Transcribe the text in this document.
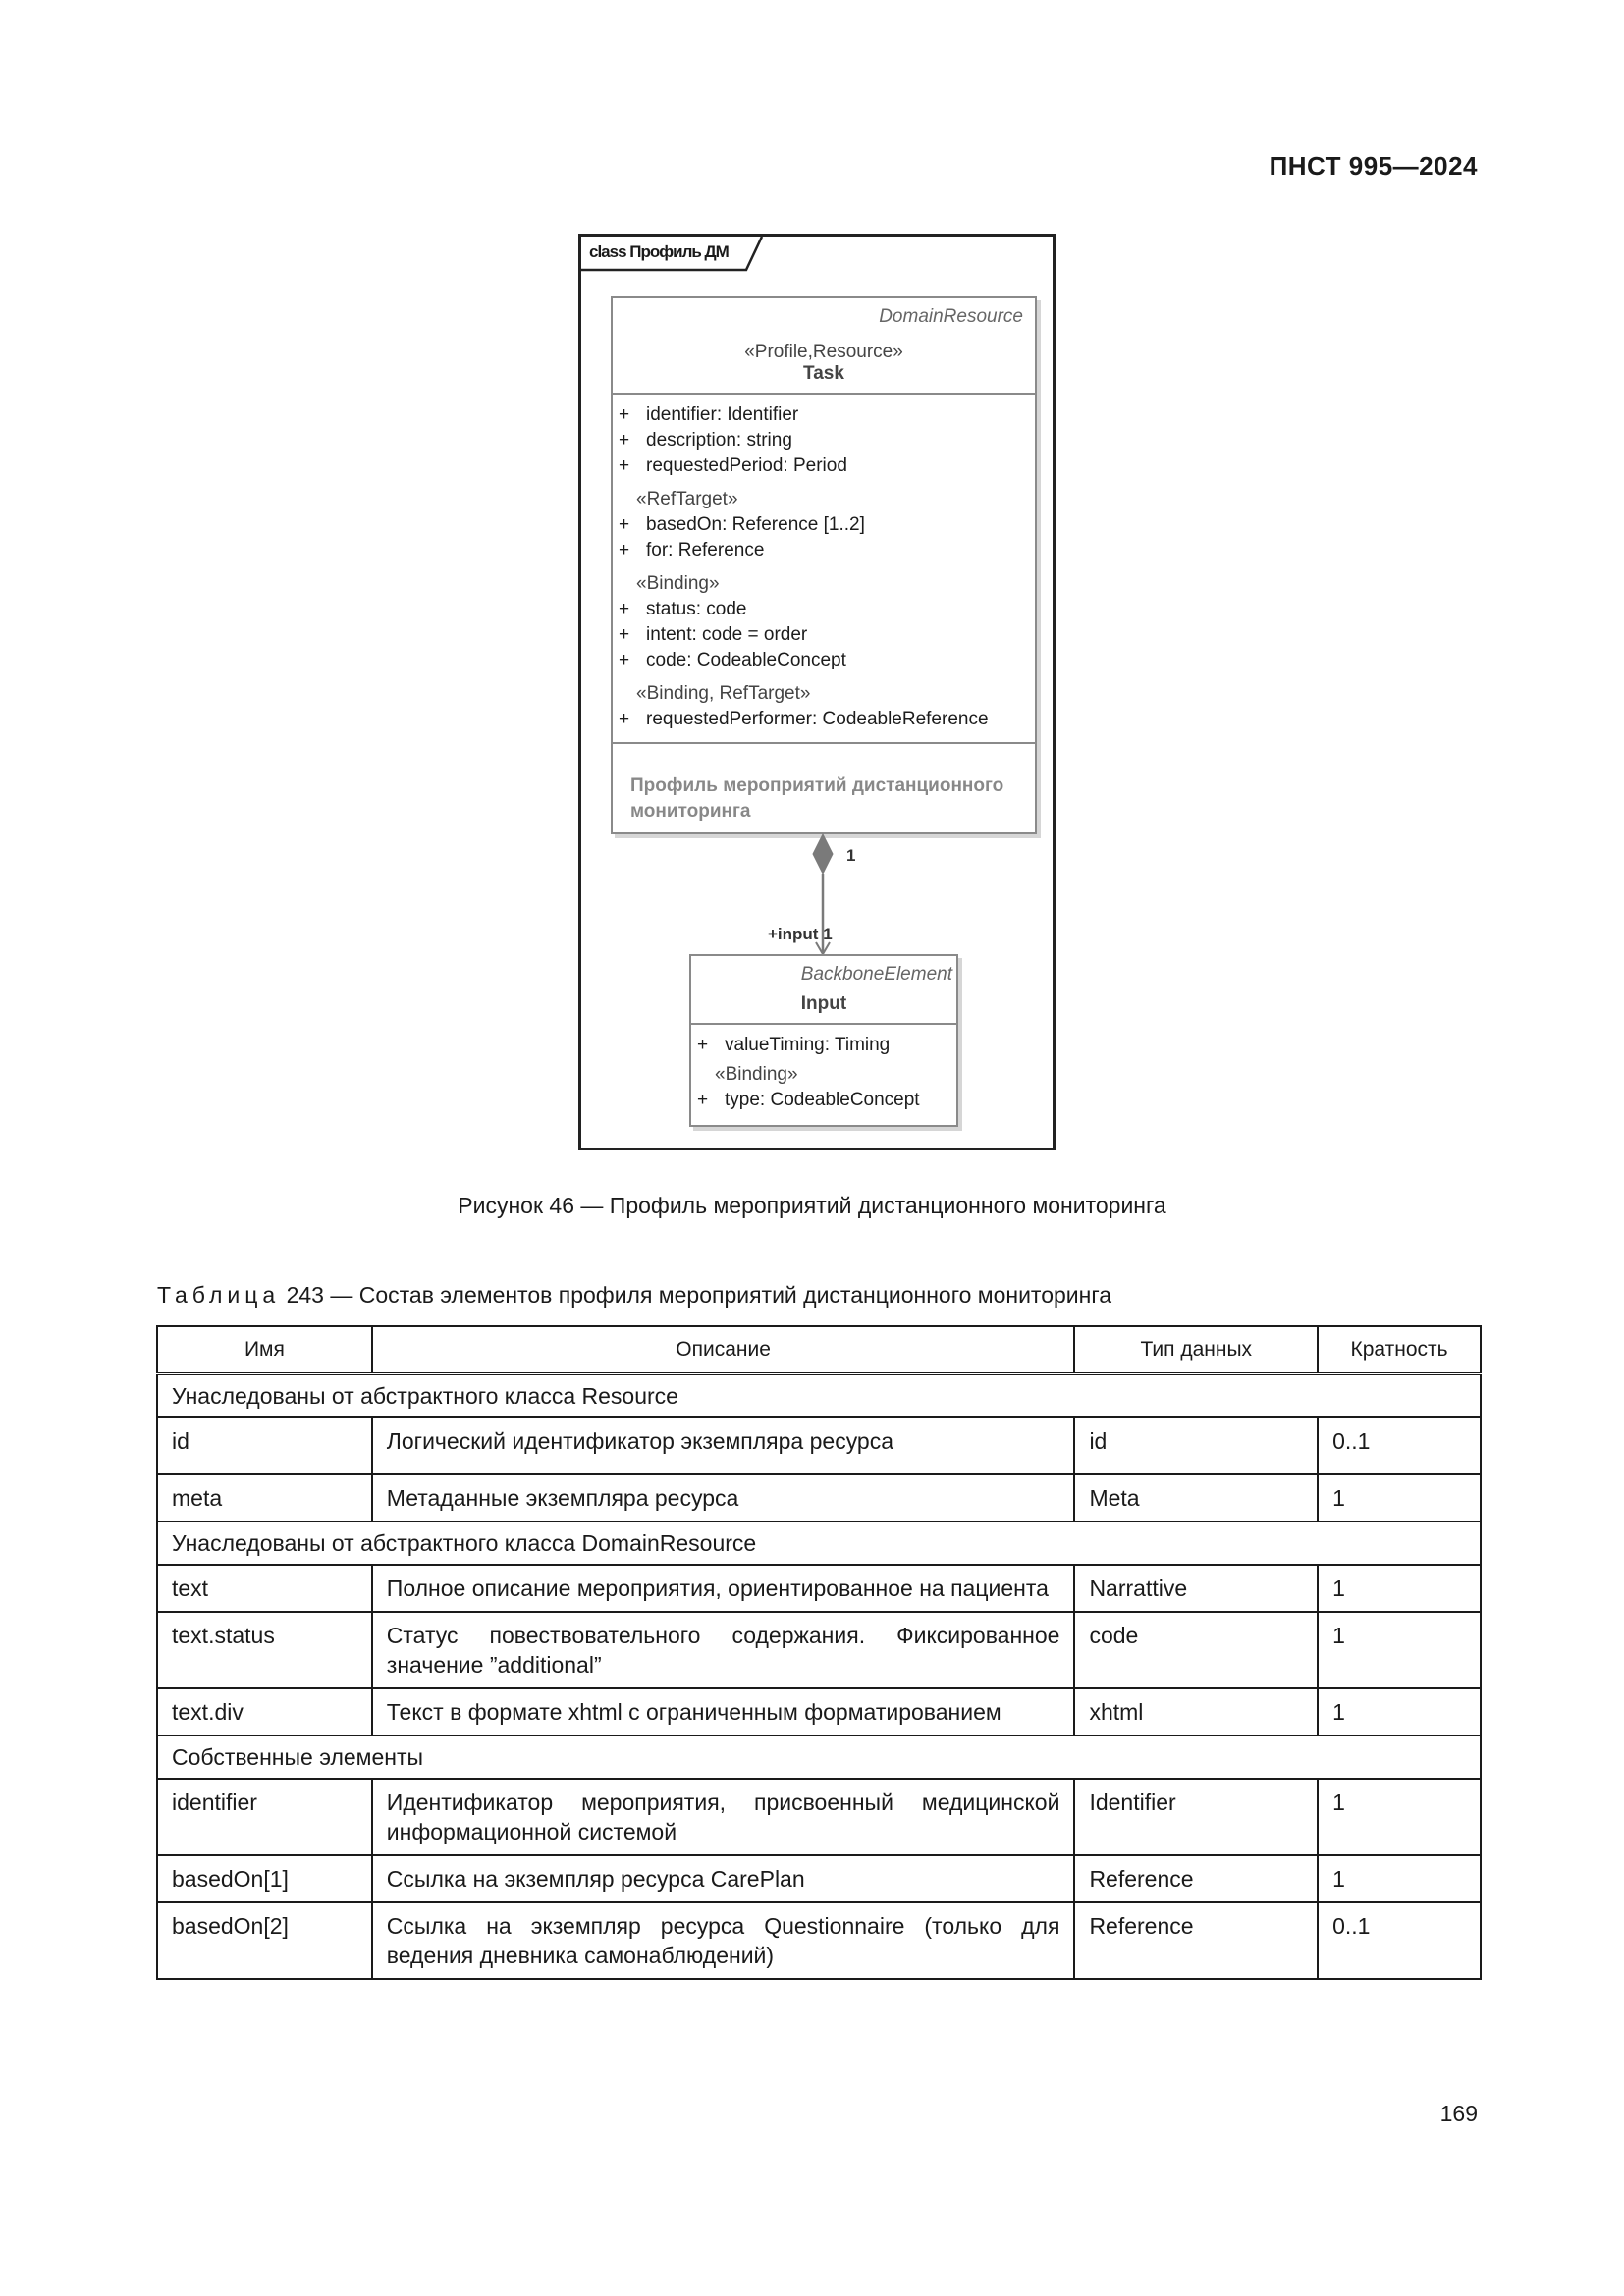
ПНСТ 995—2024
class Профиль ДМ
DomainResource
«Profile,Resource»
Task
+ identifier: Identifier
+ description: string
+ requestedPeriod: Period
«RefTarget»
+ basedOn: Reference [1..2]
+ for: Reference
«Binding»
+ status: code
+ intent: code = order
+ code: CodeableConcept
«Binding, RefTarget»
+ requestedPerformer: CodeableReference
Профиль мероприятий дистанционного мониторинга
1
+input 1
BackboneElement
Input
+ valueTiming: Timing
«Binding»
+ type: CodeableConcept
Рисунок 46 — Профиль мероприятий дистанционного мониторинга
Таблица 243 — Состав элементов профиля мероприятий дистанционного мониторинга
Имя	Описание	Тип данных	Кратность
Унаследованы от абстрактного класса Resource			
id	Логический идентификатор экземпляра ресурса	id	0..1
meta	Метаданные экземпляра ресурса	Meta	1
Унаследованы от абстрактного класса DomainResource			
text	Полное описание мероприятия, ориентированное на пациента	Narrattive	1
text.status	Статус повествовательного содержания. Фиксированное значение ”additional”	code	1
text.div	Текст в формате xhtml с ограниченным форматированием	xhtml	1
Собственные элементы			
identifier	Идентификатор мероприятия, присвоенный медицинской информационной системой	Identifier	1
basedOn[1]	Ссылка на экземпляр ресурса CarePlan	Reference	1
basedOn[2]	Ссылка на экземпляр ресурса Questionnaire (только для ведения дневника самонаблюдений)	Reference	0..1
169
